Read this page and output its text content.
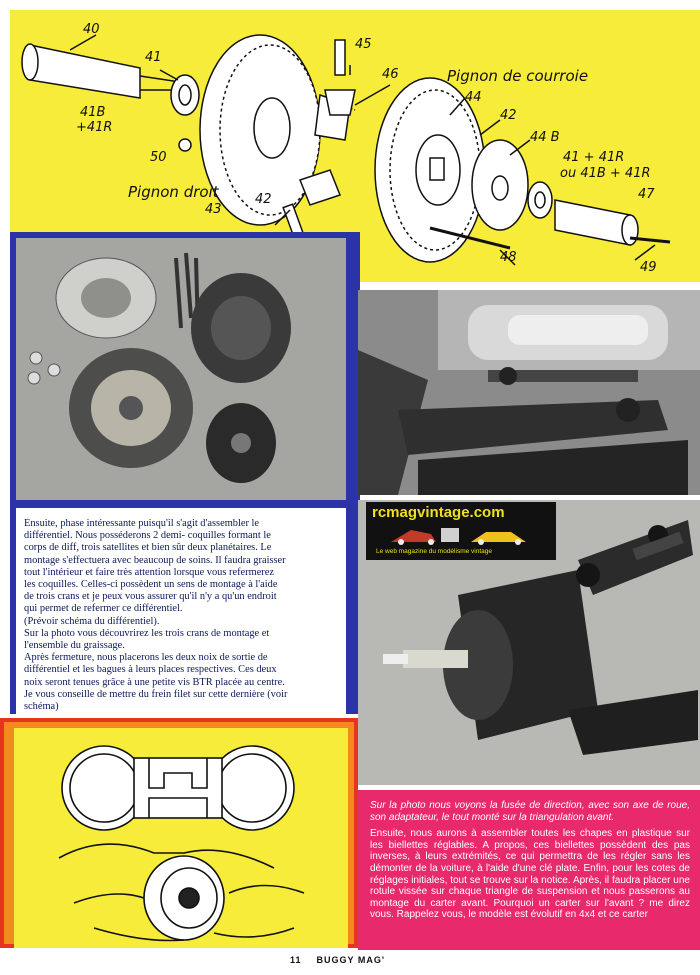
40
41
41B
+41R
50
45
46	Pignon de courroie
44
42
44 B
41 + 41R
ou 41B + 41R
47
Pignon droit	42
43
48
49
Ensuite, phase intéressante puisqu'il s'agit d'assembler le
différentiel. Nous posséderons 2 demi- coquilles formant le
corps de diff, trois satellites et bien sûr deux planétaires. Le
montage s'effectuera avec beaucoup de soins. Il faudra graisser
tout l'intérieur et faire très attention lorsque vous refermerez
les coquilles. Celles-ci possèdent un sens de montage à l'aide
de trois crans et je peux vous assurer qu'il n'y a qu'un endroit
qui permet de refermer ce différentiel.
(Prévoir schéma du différentiel).
Sur la photo vous découvrirez les trois crans de montage et
l'ensemble du graissage.
Après fermeture, nous placerons les deux noix de sortie de
différentiel et les bagues à leurs places respectives. Ces deux
noix seront tenues grâce à une petite vis BTR placée au centre.
Je vous conseille de mettre du frein filet sur cette dernière (voir
schéma)
rcmagvintage.com
Le web magazine du modélisme vintage

Sur la photo nous voyons la fusée de direction, avec son axe de roue, son adaptateur, le tout monté sur la triangulation avant.

Ensuite, nous aurons à assembler toutes les chapes en plastique sur les biellettes réglables. A propos, ces biellettes possèdent des pas inverses, à leurs extrémités, ce qui permettra de les régler sans les démonter de la voiture, à l'aide d'une clé plate. Enfin, pour les cotes de réglages initiales, tout se trouve sur la notice. Après, il faudra placer une rotule vissée sur chaque triangle de suspension et nous passerons au montage du carter avant. Pourquoi un carter sur l'avant ? me direz vous. Rappelez vous, le modèle est évolutif en 4x4 et ce carter

11 BUGGY MAG'
